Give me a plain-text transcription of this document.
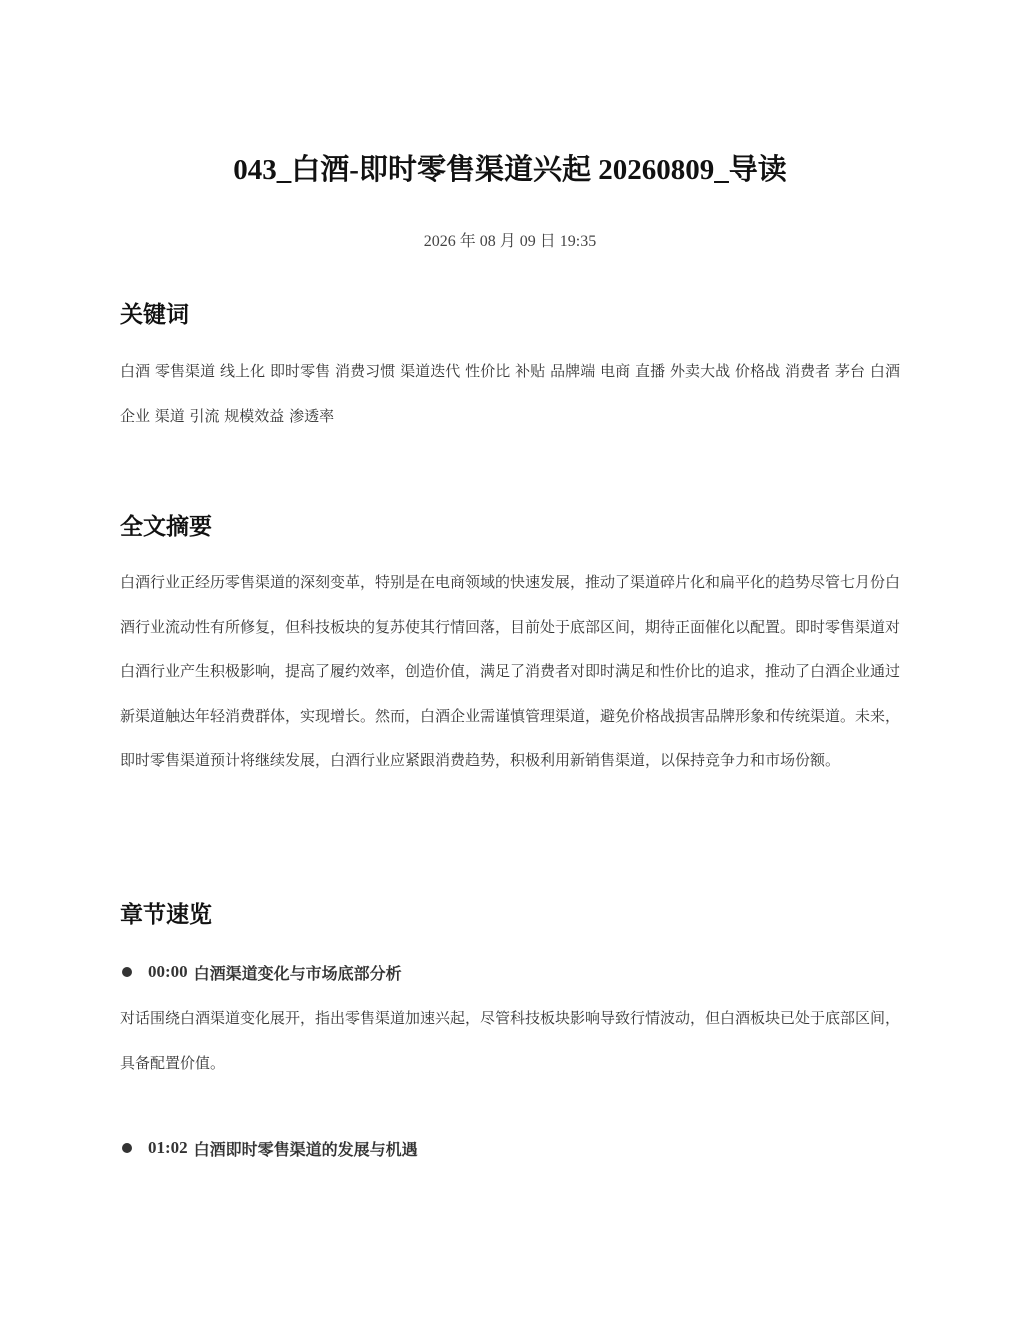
043_白酒-即时零售渠道兴起 20260809_导读
2026 年 08 月 09 日 19:35
关键词

白酒 零售渠道 线上化 即时零售 消费习惯 渠道迭代 性价比 补贴 品牌端 电商 直播 外卖大战 价格战 消费者 茅台 白酒企业 渠道 引流 规模效益 渗透率

全文摘要

白酒行业正经历零售渠道的深刻变革，特别是在电商领域的快速发展，推动了渠道碎片化和扁平化的趋势尽管七月份白酒行业流动性有所修复，但科技板块的复苏使其行情回落，目前处于底部区间，期待正面催化以配置。即时零售渠道对白酒行业产生积极影响，提高了履约效率，创造价值，满足了消费者对即时满足和性价比的追求，推动了白酒企业通过新渠道触达年轻消费群体，实现增长。然而，白酒企业需谨慎管理渠道，避免价格战损害品牌形象和传统渠道。未来，即时零售渠道预计将继续发展，白酒行业应紧跟消费趋势，积极利用新销售渠道，以保持竞争力和市场份额。

章节速览
00:00 白酒渠道变化与市场底部分析

对话围绕白酒渠道变化展开，指出零售渠道加速兴起，尽管科技板块影响导致行情波动，但白酒板块已处于底部区间，具备配置价值。

01:02 白酒即时零售渠道的发展与机遇
